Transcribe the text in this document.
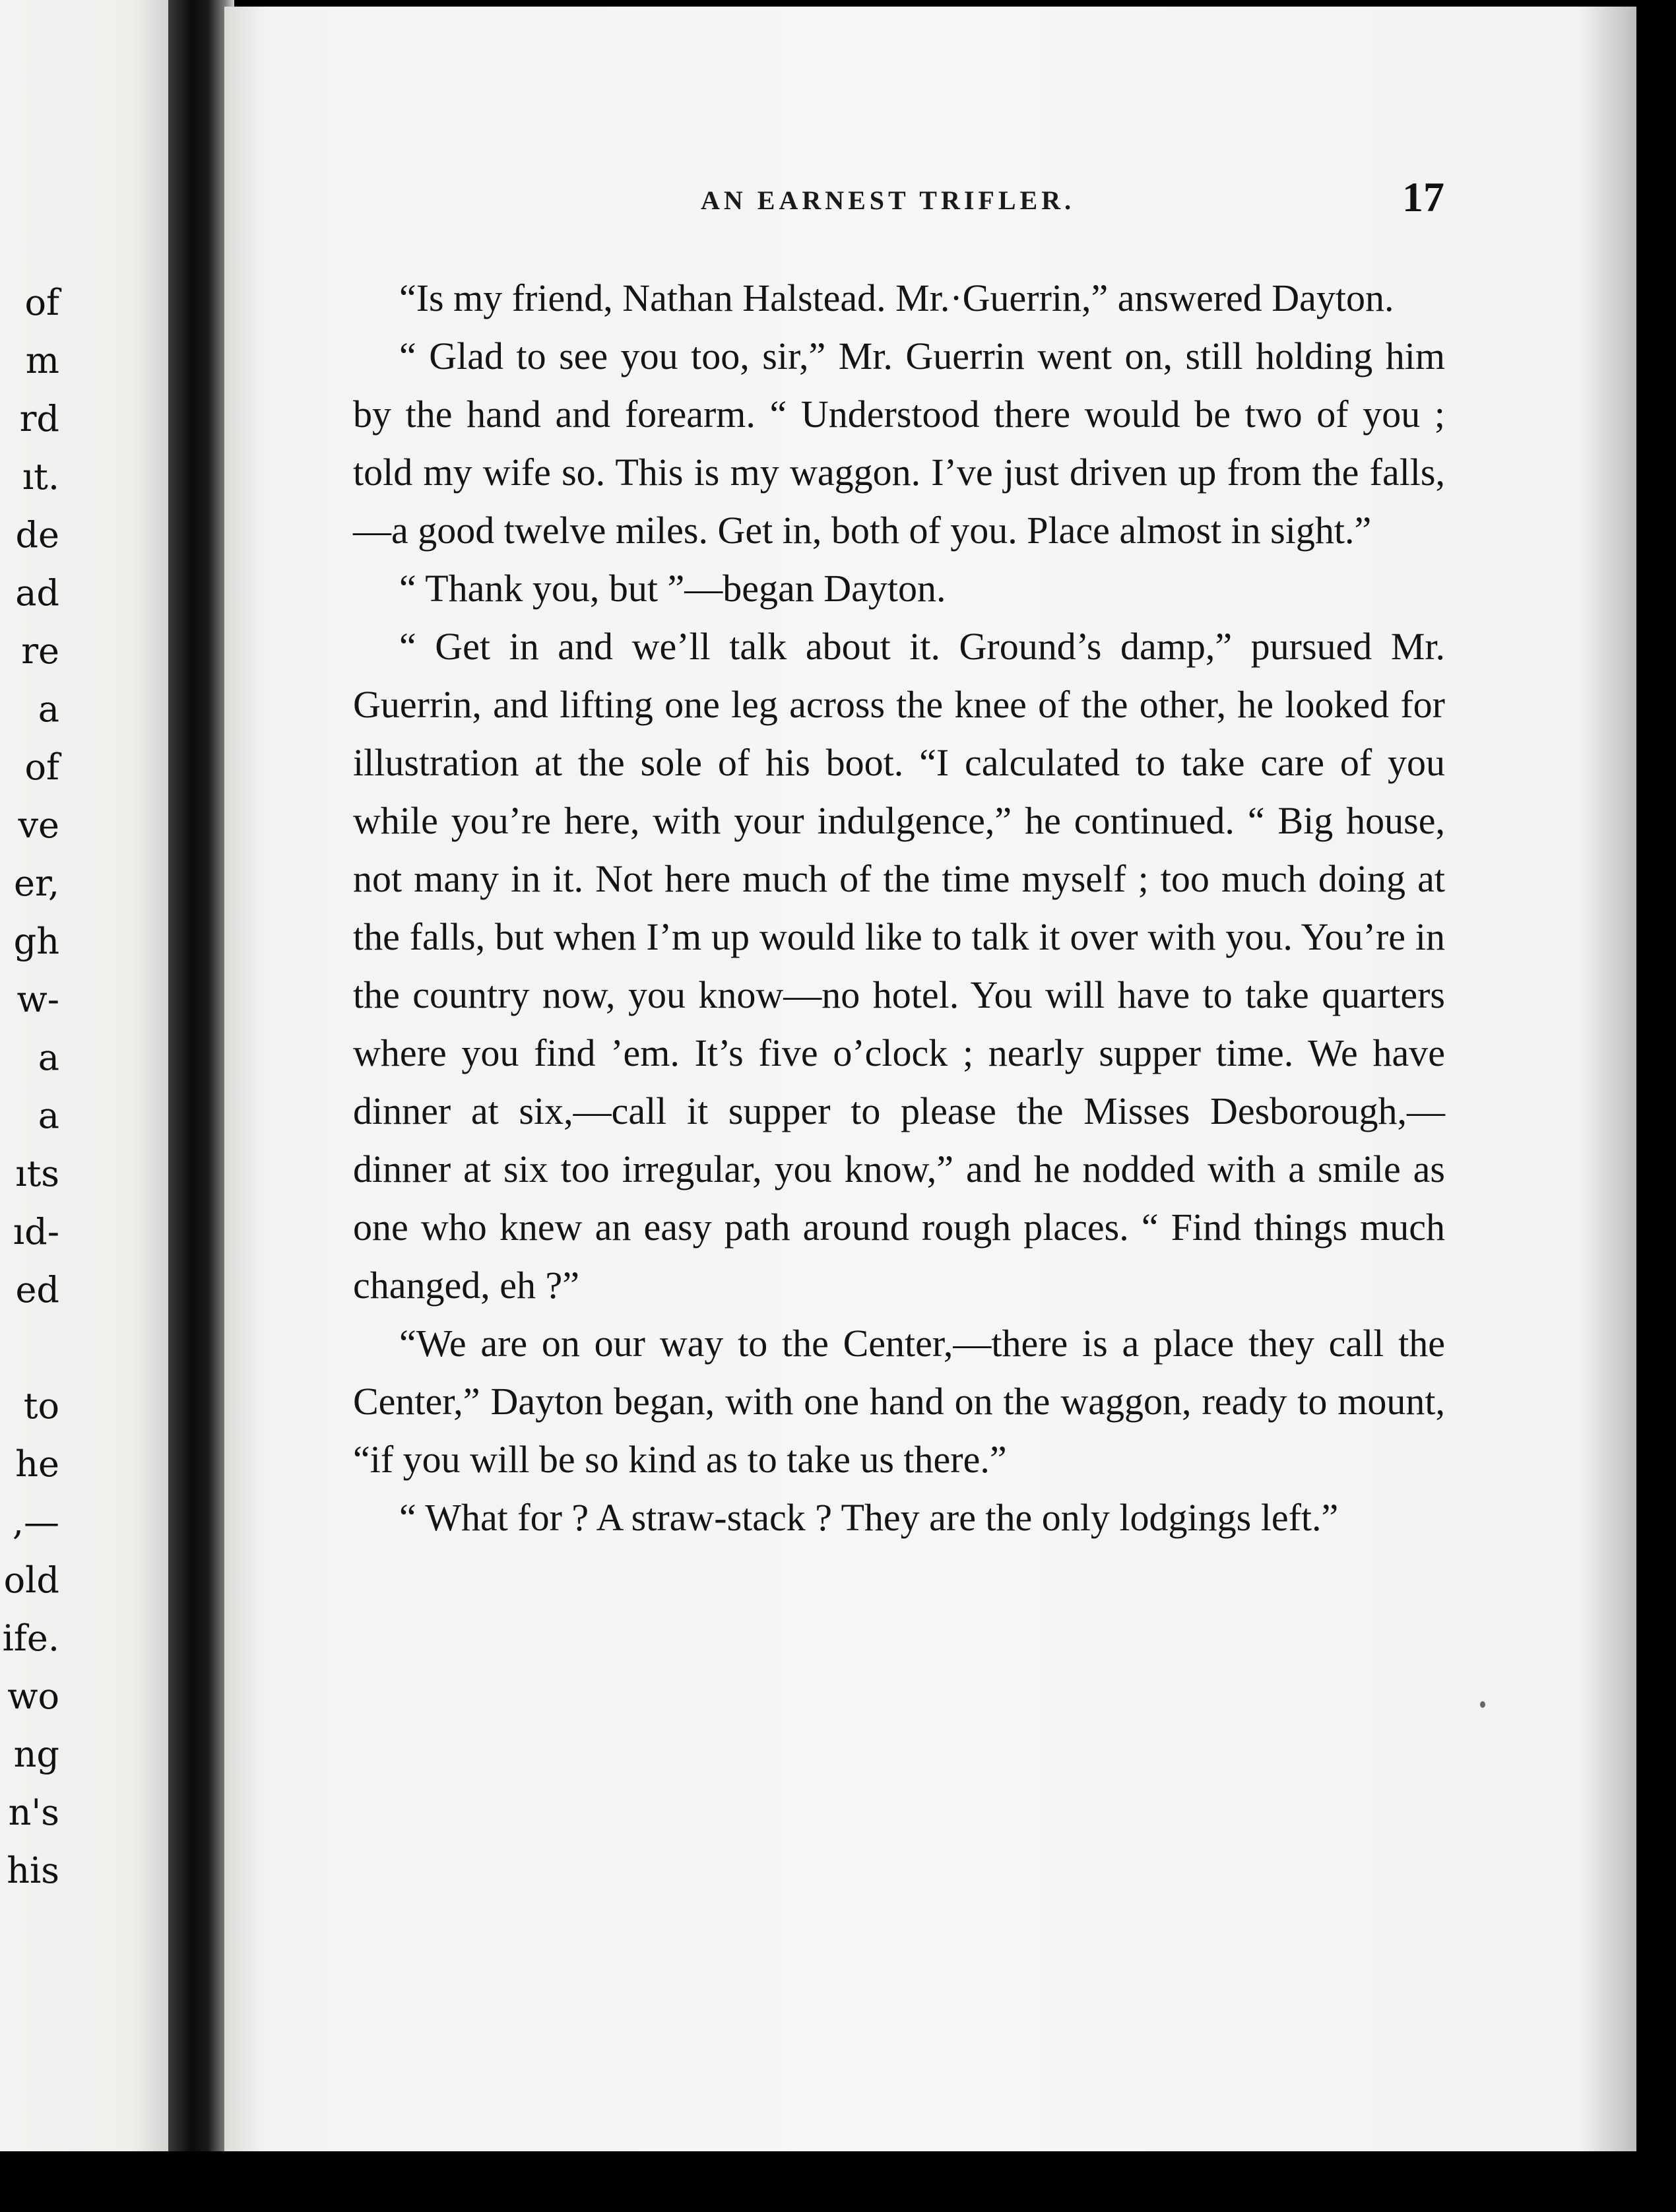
of
m
rd
ıt.
de
ad
re
a
of
ve
er,
gh
w-
a
a
ıts
ıd-
ed
to
he
,—
old
ife.
wo
ng
n's
his
AN EARNEST TRIFLER.	17

“Is my friend, Nathan Halstead. Mr.·Guerrin,” answered Dayton.

“ Glad to see you too, sir,” Mr. Guerrin went on, still holding him by the hand and forearm. “ Understood there would be two of you ; told my wife so. This is my waggon. I’ve just driven up from the falls,—a good twelve miles. Get in, both of you. Place almost in sight.”

“ Thank you, but ”—began Dayton.

“ Get in and we’ll talk about it. Ground’s damp,” pursued Mr. Guerrin, and lifting one leg across the knee of the other, he looked for illustration at the sole of his boot. “I calculated to take care of you while you’re here, with your indulgence,” he continued. “ Big house, not many in it. Not here much of the time myself ; too much doing at the falls, but when I’m up would like to talk it over with you. You’re in the country now, you know—no hotel. You will have to take quarters where you find ’em. It’s five o’clock ; nearly supper time. We have dinner at six,—call it supper to please the Misses Desborough,—dinner at six too irregular, you know,” and he nodded with a smile as one who knew an easy path around rough places. “ Find things much changed, eh ?”

“We are on our way to the Center,—there is a place they call the Center,” Dayton began, with one hand on the waggon, ready to mount, “if you will be so kind as to take us there.”

“ What for ? A straw-stack ? They are the only lodgings left.”
